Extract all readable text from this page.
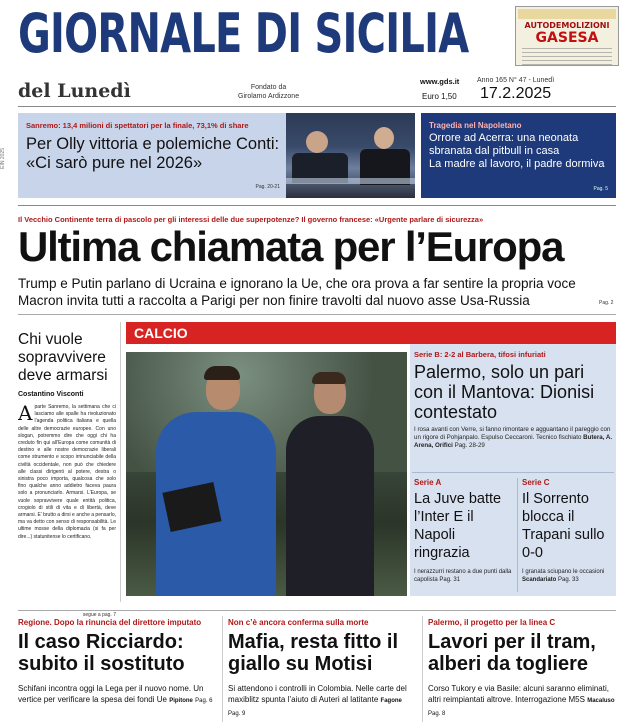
GIORNALE DI SICILIA	AUTODEMOLIZIONI
GASESA
del Lunedì	Fondato da
Girolamo Ardizzone
www.gds.it	Anno 165 N° 47 - Lunedì
Euro 1,50 17.2.2025
EIN 2025
Sanremo: 13,4 milioni di spettatori per la finale, 73,1% di share
Per Olly vittoria e polemiche Conti: «Ci sarò pure nel 2026»
Pag. 20-21
Tragedia nel Napoletano
Orrore ad Acerra: una neonata sbranata dal pitbull in casa
La madre al lavoro, il padre dormiva
Pag. 5
Il Vecchio Continente terra di pascolo per gli interessi delle due superpotenze? Il governo francese: «Urgente parlare di sicurezza»
Ultima chiamata per l’Europa
Trump e Putin parlano di Ucraina e ignorano la Ue, che ora prova a far sentire la propria voce
Macron invita tutti a raccolta a Parigi per non finire travolti dal nuovo asse Usa-Russia	Pag. 2
Chi vuole sopravvivere deve armarsi
Costantino Visconti
A parte Sanremo, la settimana che ci lasciamo alle spalle ha rivoluzionato l’agenda politica italiana e quella delle altre democrazie europee. Con uno slogan, potremmo dire che oggi chi ha creduto fin qui all’Europa come comunità di destino e alle nostre democrazie liberali come strumento e scopo irrinunciabile della civiltà occidentale, non può che chiedere alle classi dirigenti al potere, destra o sinistra poco importa, qualcosa che solo fino qualche anno addietro faceva paura solo a pronunciarlo. Armarsi. L’Europa, se vuole sopravvivere quale entità politica, crogiolo di stili di vita e di libertà, deve armarsi. E’ brutto a dirsi e anche a pensarlo, ma va detto con senso di responsabilità. Le ultime mosse della diplomazia (si fa per dire...) statunitense lo certificano.
segue a pag. 7
CALCIO
Serie B: 2-2 al Barbera, tifosi infuriati
Palermo, solo un pari con il Mantova: Dionisi contestato
I rosa avanti con Verre, si fanno rimontare e agguantano il pareggio con un rigore di Pohjanpalo. Espulso Ceccaroni. Tecnico fischiato Butera, A. Arena, Orifici Pag. 28-29
Serie A
La Juve batte l’Inter E il Napoli ringrazia
I nerazzurri restano a due punti dalla capolista Pag. 31
Serie C
Il Sorrento blocca il Trapani sullo 0-0
I granata sciupano le occasioni Scandariato Pag. 33
Regione. Dopo la rinuncia del direttore imputato
Il caso Ricciardo: subito il sostituto
Schifani incontra oggi la Lega per il nuovo nome. Un vertice per verificare la spesa dei fondi Ue Pipitone Pag. 6
Non c’è ancora conferma sulla morte
Mafia, resta fitto il giallo su Motisi
Si attendono i controlli in Colombia. Nelle carte del maxiblitz spunta l’aiuto di Auteri al latitante Fagone Pag. 9
Palermo, il progetto per la linea C
Lavori per il tram, alberi da togliere
Corso Tukory e via Basile: alcuni saranno eliminati, altri reimpiantati altrove. Interrogazione M5S Macaluso Pag. 8
